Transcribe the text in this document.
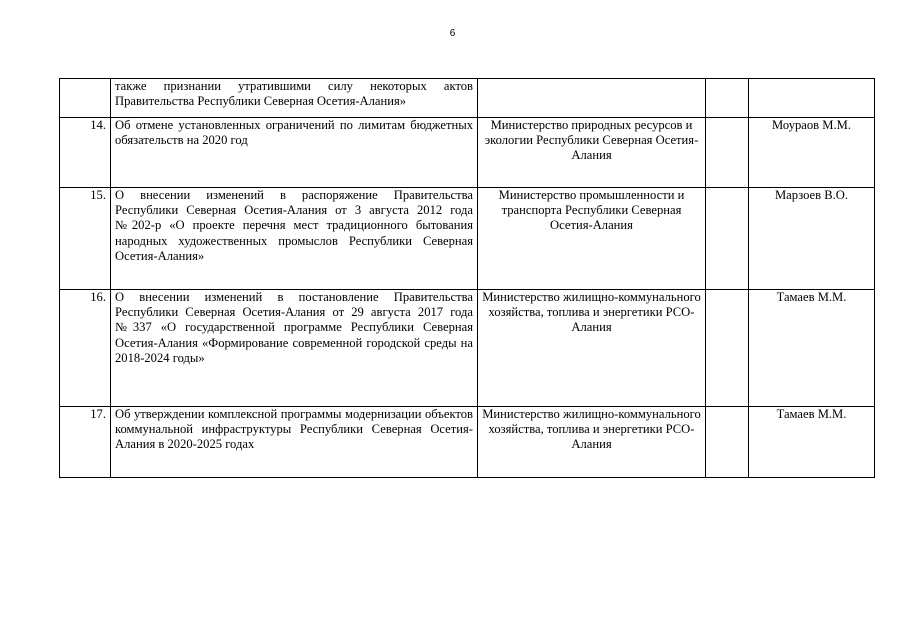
6
	также признании утратившими силу некоторых актов Правительства Республики Северная Осетия-Алания»			
14.	Об отмене установленных ограничений по лимитам бюджетных обязательств на 2020 год	Министерство природных ресурсов и экологии Республики Северная Осетия-Алания		Моураов М.М.
15.	О внесении изменений в распоряжение Правительства Республики Северная Осетия-Алания от 3 августа 2012 года №202-р «О проекте перечня мест традиционного бытования народных художественных промыслов Республики Северная Осетия-Алания»	Министерство промышленности и транспорта Республики Северная Осетия-Алания		Марзоев В.О.
16.	О внесении изменений в постановление Правительства Республики Северная Осетия-Алания от 29 августа 2017 года №337 «О государственной программе Республики Северная Осетия-Алания «Формирование современной городской среды на 2018-2024 годы»	Министерство жилищно-коммунального хозяйства, топлива и энергетики РСО-Алания		Тамаев М.М.
17.	Об утверждении комплексной программы модернизации объектов коммунальной инфраструктуры Республики Северная Осетия-Алания в 2020-2025 годах	Министерство жилищно-коммунального хозяйства, топлива и энергетики РСО-Алания		Тамаев М.М.
